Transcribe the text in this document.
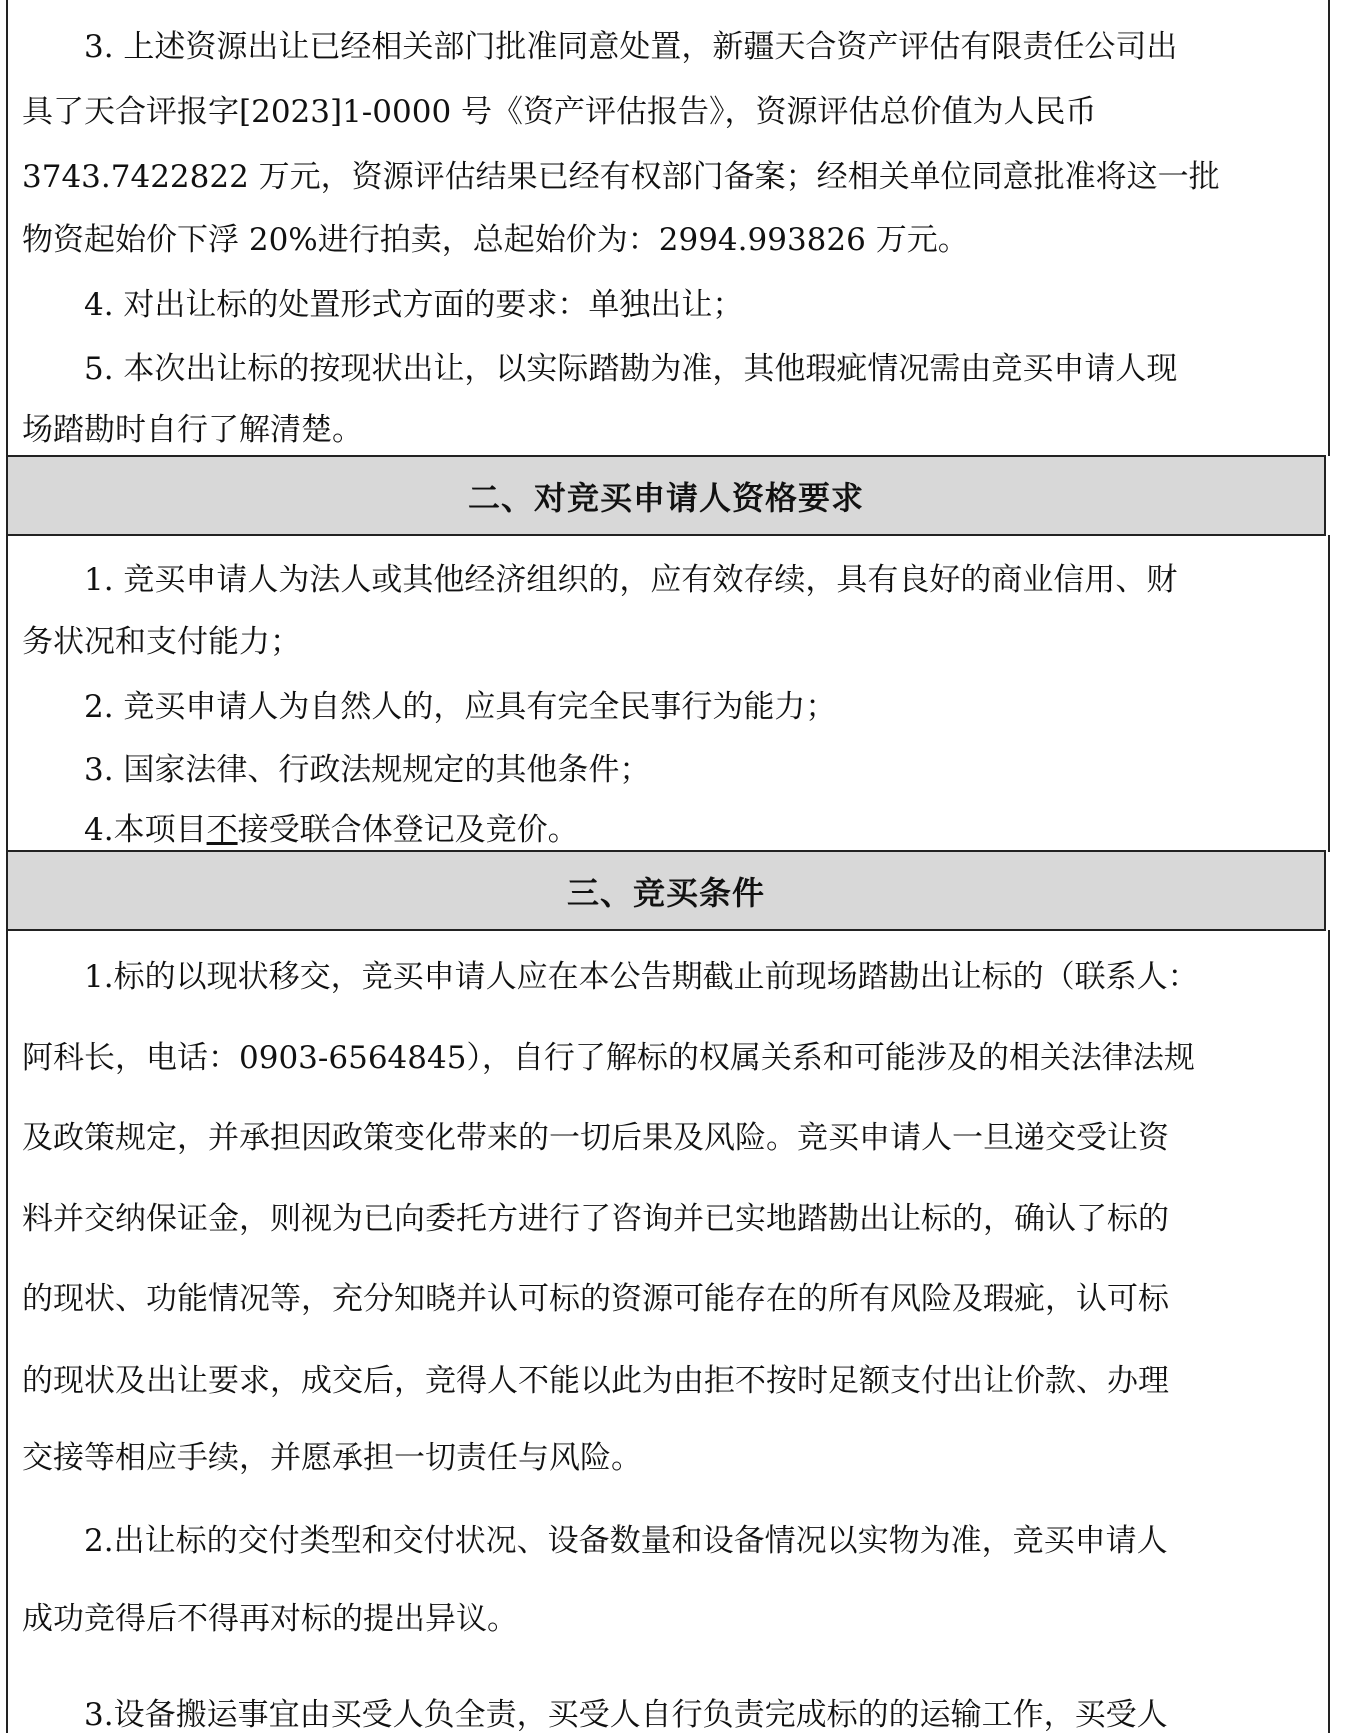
　　3. 上述资源出让已经相关部门批准同意处置，新疆天合资产评估有限责任公司出
具了天合评报字[2023]1-0000 号《资产评估报告》，资源评估总价值为人民币
3743.7422822 万元，资源评估结果已经有权部门备案；经相关单位同意批准将这一批
物资起始价下浮 20%进行拍卖，总起始价为：2994.993826 万元。
　　4. 对出让标的处置形式方面的要求：单独出让；
　　5. 本次出让标的按现状出让，以实际踏勘为准，其他瑕疵情况需由竞买申请人现
场踏勘时自行了解清楚。
二、对竞买申请人资格要求
　　1. 竞买申请人为法人或其他经济组织的，应有效存续，具有良好的商业信用、财
务状况和支付能力；
　　2. 竞买申请人为自然人的，应具有完全民事行为能力；
　　3. 国家法律、行政法规规定的其他条件；
　　4.本项目不接受联合体登记及竞价。
三、竞买条件
　　1.标的以现状移交，竞买申请人应在本公告期截止前现场踏勘出让标的（联系人：
阿科长，电话：0903-6564845），自行了解标的权属关系和可能涉及的相关法律法规
及政策规定，并承担因政策变化带来的一切后果及风险。竞买申请人一旦递交受让资
料并交纳保证金，则视为已向委托方进行了咨询并已实地踏勘出让标的，确认了标的
的现状、功能情况等，充分知晓并认可标的资源可能存在的所有风险及瑕疵，认可标
的现状及出让要求，成交后，竞得人不能以此为由拒不按时足额支付出让价款、办理
交接等相应手续，并愿承担一切责任与风险。
　　2.出让标的交付类型和交付状况、设备数量和设备情况以实物为准，竞买申请人
成功竞得后不得再对标的提出异议。
　　3.设备搬运事宜由买受人负全责，买受人自行负责完成标的的运输工作，买受人
